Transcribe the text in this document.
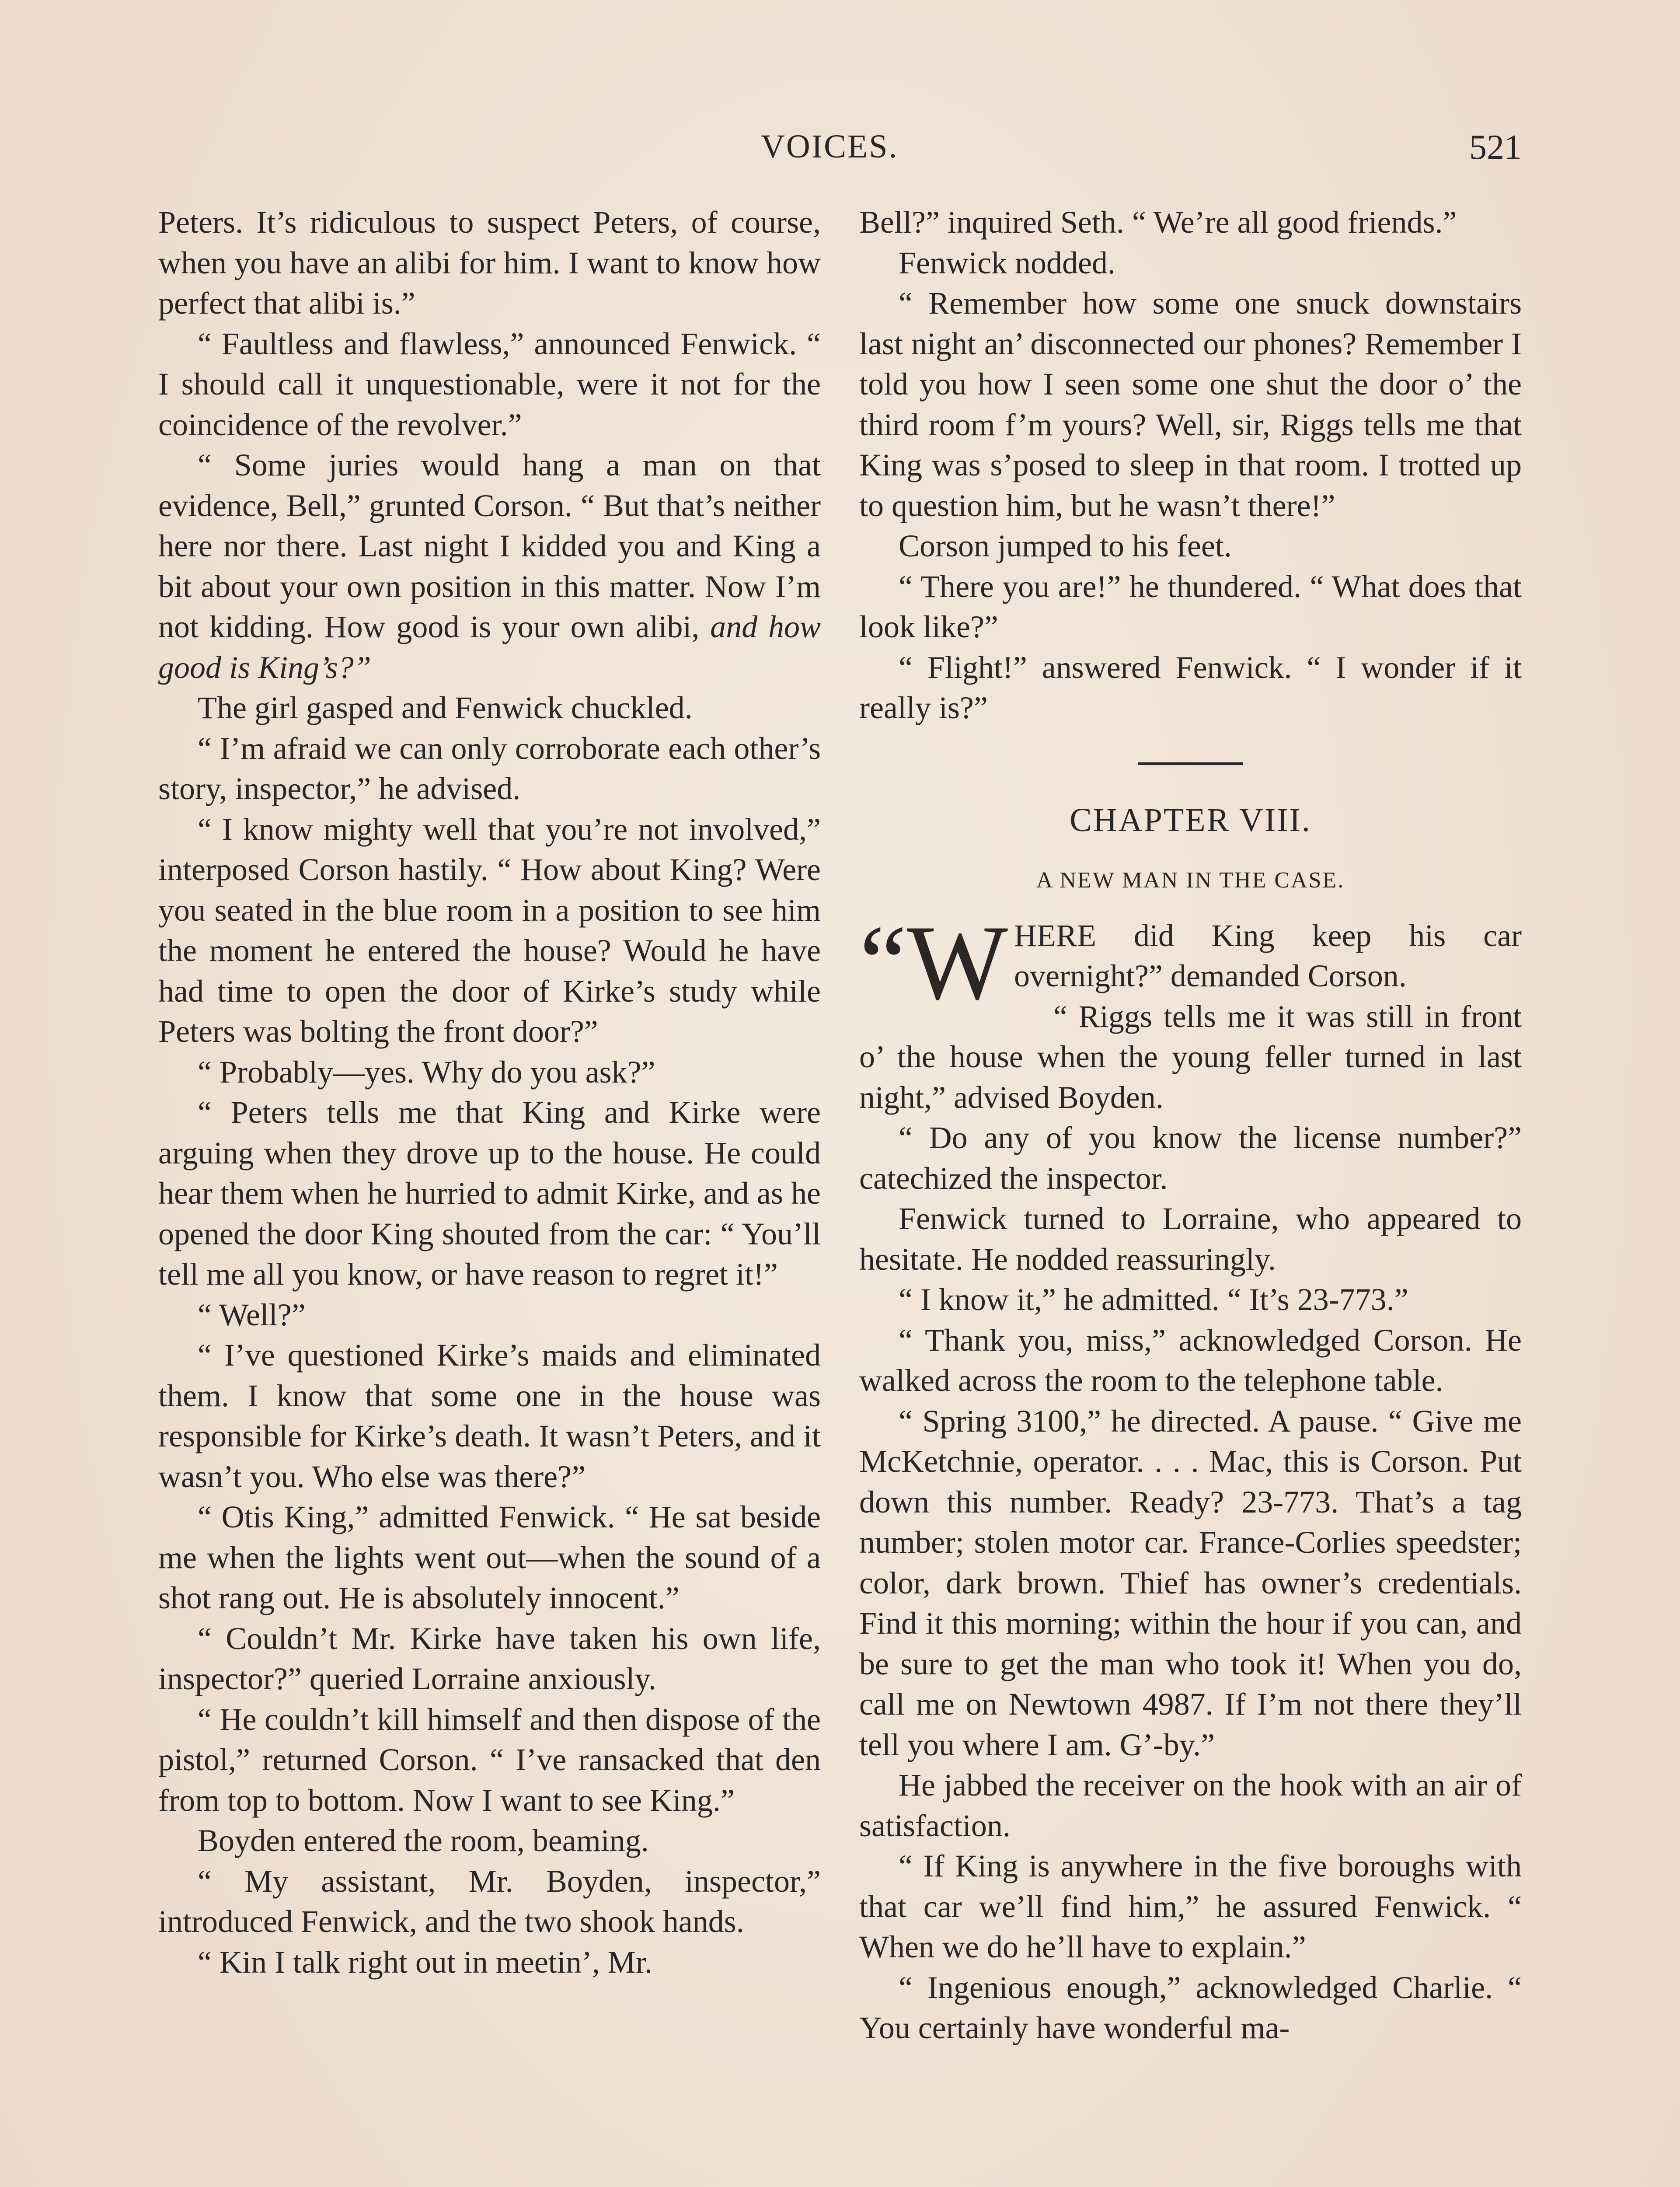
VOICES.	521

Peters. It’s ridiculous to suspect Peters, of course, when you have an alibi for him. I want to know how perfect that alibi is.”

“ Faultless and flawless,” announced Fenwick. “ I should call it unquestionable, were it not for the coincidence of the revolver.”

“ Some juries would hang a man on that evidence, Bell,” grunted Corson. “ But that’s neither here nor there. Last night I kidded you and King a bit about your own position in this matter. Now I’m not kidding. How good is your own alibi, and how good is King’s?”

The girl gasped and Fenwick chuckled.

“ I’m afraid we can only corroborate each other’s story, inspector,” he advised.

“ I know mighty well that you’re not involved,” interposed Corson hastily. “ How about King? Were you seated in the blue room in a position to see him the moment he entered the house? Would he have had time to open the door of Kirke’s study while Peters was bolting the front door?”

“ Probably—yes. Why do you ask?”

“ Peters tells me that King and Kirke were arguing when they drove up to the house. He could hear them when he hurried to admit Kirke, and as he opened the door King shouted from the car: “ You’ll tell me all you know, or have reason to regret it!”

“ Well?”

“ I’ve questioned Kirke’s maids and eliminated them. I know that some one in the house was responsible for Kirke’s death. It wasn’t Peters, and it wasn’t you. Who else was there?”

“ Otis King,” admitted Fenwick. “ He sat beside me when the lights went out—when the sound of a shot rang out. He is absolutely innocent.”

“ Couldn’t Mr. Kirke have taken his own life, inspector?” queried Lorraine anxiously.

“ He couldn’t kill himself and then dispose of the pistol,” returned Corson. “ I’ve ransacked that den from top to bottom. Now I want to see King.”

Boyden entered the room, beaming.

“ My assistant, Mr. Boyden, inspector,” introduced Fenwick, and the two shook hands.

“ Kin I talk right out in meetin’, Mr.

Bell?” inquired Seth. “ We’re all good friends.”

Fenwick nodded.

“ Remember how some one snuck downstairs last night an’ disconnected our phones? Remember I told you how I seen some one shut the door o’ the third room f’m yours? Well, sir, Riggs tells me that King was s’posed to sleep in that room. I trotted up to question him, but he wasn’t there!”

Corson jumped to his feet.

“ There you are!” he thundered. “ What does that look like?”

“ Flight!” answered Fenwick. “ I wonder if it really is?”

CHAPTER VIII.
A NEW MAN IN THE CASE.

“W HERE did King keep his car overnight?” demanded Corson.

“ Riggs tells me it was still in front o’ the house when the young feller turned in last night,” advised Boyden.

“ Do any of you know the license number?” catechized the inspector.

Fenwick turned to Lorraine, who appeared to hesitate. He nodded reassuringly.

“ I know it,” he admitted. “ It’s 23-773.”

“ Thank you, miss,” acknowledged Corson. He walked across the room to the telephone table.

“ Spring 3100,” he directed. A pause. “ Give me McKetchnie, operator. . . . Mac, this is Corson. Put down this number. Ready? 23-773. That’s a tag number; stolen motor car. France-Corlies speedster; color, dark brown. Thief has owner’s credentials. Find it this morning; within the hour if you can, and be sure to get the man who took it! When you do, call me on Newtown 4987. If I’m not there they’ll tell you where I am. G’-by.”

He jabbed the receiver on the hook with an air of satisfaction.

“ If King is anywhere in the five boroughs with that car we’ll find him,” he assured Fenwick. “ When we do he’ll have to explain.”

“ Ingenious enough,” acknowledged Charlie. “ You certainly have wonderful ma-
